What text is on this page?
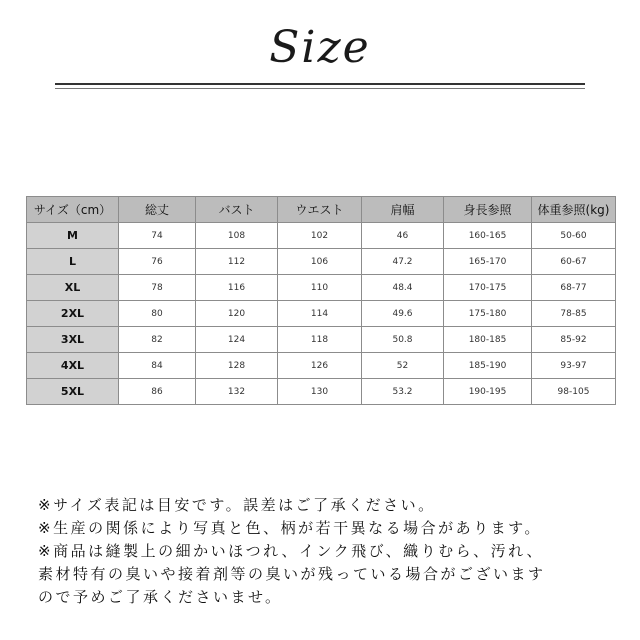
Size
サイズ（cm）	総丈	バスト	ウエスト	肩幅	身長参照	体重参照(kg)
M	74	108	102	46	160-165	50-60
L	76	112	106	47.2	165-170	60-67
XL	78	116	110	48.4	170-175	68-77
2XL	80	120	114	49.6	175-180	78-85
3XL	82	124	118	50.8	180-185	85-92
4XL	84	128	126	52	185-190	93-97
5XL	86	132	130	53.2	190-195	98-105
※サイズ表記は目安です。誤差はご了承ください。
※生産の関係により写真と色、柄が若干異なる場合があります。
※商品は縫製上の細かいほつれ、インク飛び、織りむら、汚れ、
素材特有の臭いや接着剤等の臭いが残っている場合がございます
ので予めご了承くださいませ。
